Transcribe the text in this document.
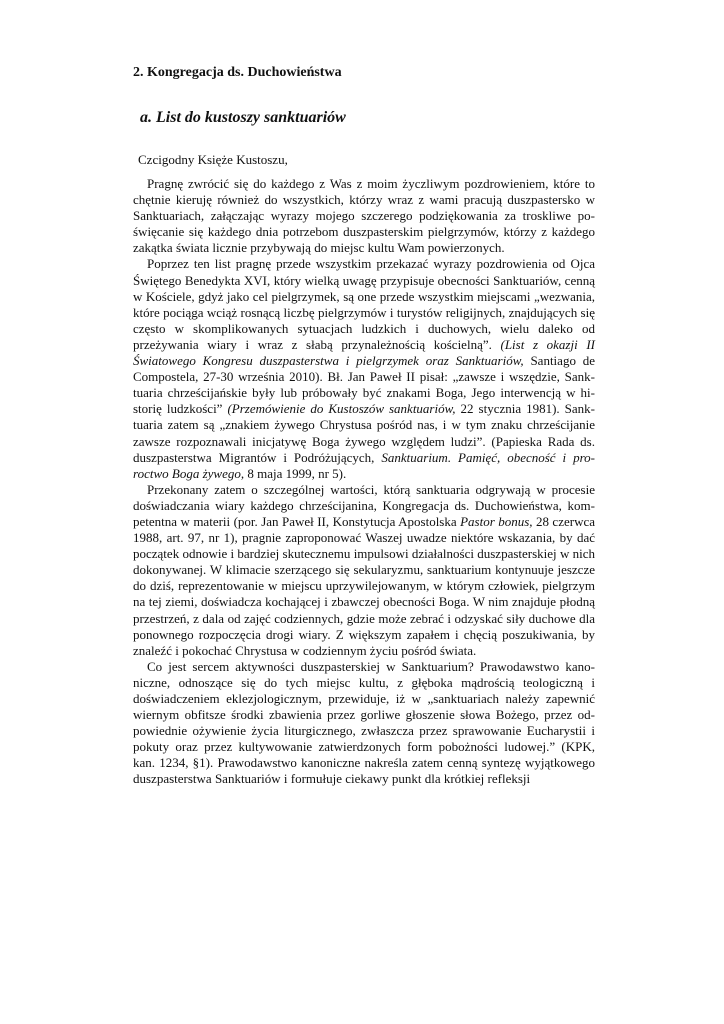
2. Kongregacja ds. Duchowieństwa
a. List do kustoszy sanktuariów
Czcigodny Księże Kustoszu,

Pragnę zwrócić się do każdego z Was z moim życzliwym pozdrowieniem, które to chętnie kieruję również do wszystkich, którzy wraz z wami pracują duszpastersko w Sanktuariach, załączając wyrazy mojego szczerego podziękowania za troskliwe poświęcanie się każdego dnia potrzebom duszpasterskim pielgrzymów, którzy z każdego zakątka świata licznie przybywają do miejsc kultu Wam powierzonych.

Poprzez ten list pragnę przede wszystkim przekazać wyrazy pozdrowienia od Ojca Świętego Benedykta XVI, który wielką uwagę przypisuje obecności Sanktuariów, cenną w Kościele, gdyż jako cel pielgrzymek, są one przede wszystkim miejscami „wezwania, które pociąga wciąż rosnącą liczbę pielgrzymów i turystów religijnych, znajdujących się często w skomplikowanych sytuacjach ludzkich i duchowych, wielu daleko od przeżywania wiary i wraz z słabą przynależnością kościelną”. (List z okazji II Światowego Kongresu duszpasterstwa i pielgrzymek oraz Sanktuariów, Santiago de Compostela, 27-30 września 2010). Bł. Jan Paweł II pisał: „zawsze i wszędzie, Sanktuaria chrześcijańskie były lub próbowały być znakami Boga, Jego interwencją w historię ludzkości” (Przemówienie do Kustoszów sanktuariów, 22 stycznia 1981). Sanktuaria zatem są „znakiem żywego Chrystusa pośród nas, i w tym znaku chrześcijanie zawsze rozpoznawali inicjatywę Boga żywego względem ludzi”. (Papieska Rada ds. duszpasterstwa Migrantów i Podróżujących, Sanktuarium. Pamięć, obecność i proroctwo Boga żywego, 8 maja 1999, nr 5).

Przekonany zatem o szczególnej wartości, którą sanktuaria odgrywają w procesie doświadczania wiary każdego chrześcijanina, Kongregacja ds. Duchowieństwa, kompetentna w materii (por. Jan Paweł II, Konstytucja Apostolska Pastor bonus, 28 czerwca 1988, art. 97, nr 1), pragnie zaproponować Waszej uwadze niektóre wskazania, by dać początek odnowie i bardziej skutecznemu impulsowi działalności duszpasterskiej w nich dokonywanej. W klimacie szerzącego się sekularyzmu, sanktuarium kontynuuje jeszcze do dziś, reprezentowanie w miejscu uprzywilejowanym, w którym człowiek, pielgrzym na tej ziemi, doświadcza kochającej i zbawczej obecności Boga. W nim znajduje płodną przestrzeń, z dala od zajęć codziennych, gdzie może zebrać i odzyskać siły duchowe dla ponownego rozpoczęcia drogi wiary. Z większym zapałem i chęcią poszukiwania, by znaleźć i pokochać Chrystusa w codziennym życiu pośród świata.

Co jest sercem aktywności duszpasterskiej w Sanktuarium? Prawodawstwo kanoniczne, odnoszące się do tych miejsc kultu, z głęboka mądrością teologiczną i doświadczeniem eklezjologicznym, przewiduje, iż w „sanktuariach należy zapewnić wiernym obfitsze środki zbawienia przez gorliwe głoszenie słowa Bożego, przez odpowiednie ożywienie życia liturgicznego, zwłaszcza przez sprawowanie Eucharystii i pokuty oraz przez kultywowanie zatwierdzonych form pobożności ludowej.” (KPK, kan. 1234, §1). Prawodawstwo kanoniczne nakreśla zatem cenną syntezę wyjątkowego duszpasterstwa Sanktuariów i formułuje ciekawy punkt dla krótkiej refleksji
